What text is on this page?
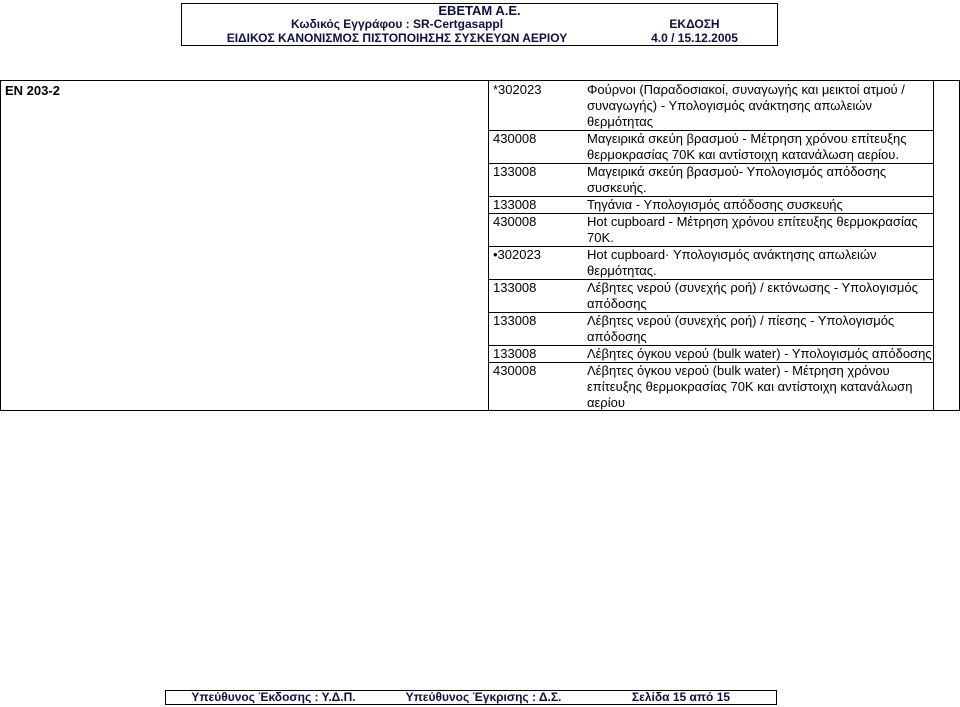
ΕΒΕΤΑΜ Α.Ε.
Κωδικός Εγγράφου : SR-Certgasappl	ΕΚΔΟΣΗ
ΕΙΔΙΚΟΣ ΚΑΝΟΝΙΣΜΟΣ ΠΙΣΤΟΠΟΙΗΣΗΣ ΣΥΣΚΕΥΩΝ ΑΕΡΙΟΥ	4.0 / 15.12.2005
EN 203-2	*302023	Φούρνοι (Παραδοσιακοί, συναγωγής και μεικτοί ατμού / συναγωγής) - Υπολογισμός ανάκτησης απωλειών θερμότητας
430008	Μαγειρικά σκεύη βρασμού - Μέτρηση χρόνου επίτευξης θερμοκρασίας 70Κ και αντίστοιχη κατανάλωση αερίου.
133008	Μαγειρικά σκεύη βρασμού- Υπολογισμός απόδοσης συσκευής.
133008	Τηγάνια - Υπολογισμός απόδοσης συσκευής
430008	Hot cupboard - Μέτρηση χρόνου επίτευξης θερμοκρασίας 70Κ.
•302023	Hot cupboard· Υπολογισμός ανάκτησης απωλειών θερμότητας.
133008	Λέβητες νερού (συνεχής ροή) / εκτόνωσης - Υπολογισμός απόδοσης
133008	Λέβητες νερού (συνεχής ροή) / πίεσης - Υπολογισμός απόδοσης
133008	Λέβητες όγκου νερού (bulk water) - Υπολογισμός απόδοσης
430008	Λέβητες όγκου νερού (bulk water) - Μέτρηση χρόνου επίτευξης θερμοκρασίας 70Κ και αντίστοιχη κατανάλωση αερίου
Υπεύθυνος Έκδοσης : Υ.Δ.Π.	Υπεύθυνος Έγκρισης : Δ.Σ.	Σελίδα 15 από 15
